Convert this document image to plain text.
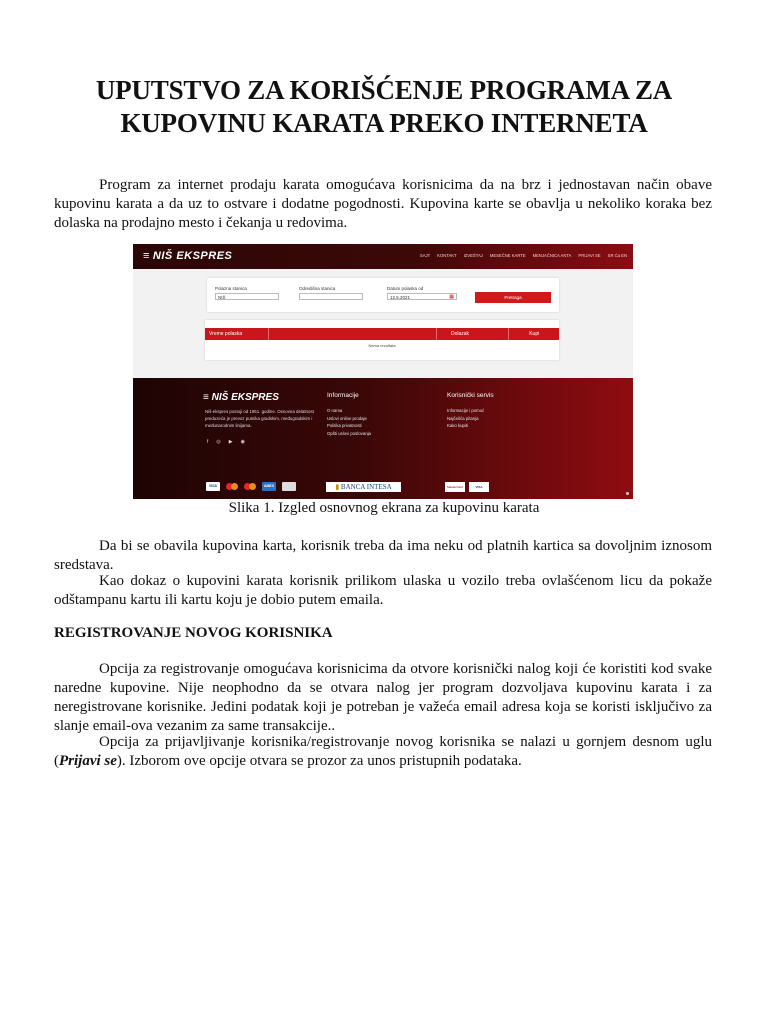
UPUTSTVO ZA KORIŠĆENJE PROGRAMA ZA
KUPOVINU KARATA PREKO INTERNETA

Program za internet prodaju karata omogućava korisnicima da na brz i jednostavan način obave kupovinu karata a da uz to ostvare i dodatne pogodnosti. Kupovina karte se obavlja u nekoliko koraka bez dolaska na prodajno mesto i čekanja u redovima.

≡ NIŠ EKSPRES	SAJT KONTAKT IZVEŠTAJ MESEČNE KARTE MENJAČNICA ANTA PRIJAVI SE SR Ćа EN
Polazna stanica
NIŠ
Odredišna stanica	Datum polaska od
12.5.2021	▦	Pretraga
Vreme polaska	Dolazak	Kupi
Nema rezultata
≡ NIŠ EKSPRES
Niš-ekspres postoji od 1951. godine. Osnovna delatnost preduzeća je prevoz putnika gradskim, međugradskim i međunarodnim linijama.
f ◎ ▶ ◉
Informacije
O nama
Uslovi online prodaje
Politika privatnosti
Opšti uslovi poslovanja
Korisnički servis
Informacije i pomoć
Najčešća pitanja
Kako kupiti
VISA	AMEX	▮ BANCA INTESA	MasterCard	VISA

Slika 1. Izgled osnovnog ekrana za kupovinu karata

Da bi se obavila kupovina karta, korisnik treba da ima neku od platnih kartica sa dovoljnim iznosom sredstava.

Kao dokaz o kupovini karata korisnik prilikom ulaska u vozilo treba ovlašćenom licu da pokaže odštampanu kartu ili kartu koju je dobio putem emaila.

REGISTROVANJE NOVOG KORISNIKA

Opcija za registrovanje omogućava korisnicima da otvore korisnički nalog koji će koristiti kod svake naredne kupovine. Nije neophodno da se otvara nalog jer program dozvoljava kupovinu karata i za neregistrovane korisnike. Jedini podatak koji je potreban je važeća email adresa koja se koristi isključivo za slanje email-ova vezanim za same transakcije..

Opcija za prijavljivanje korisnika/registrovanje novog korisnika se nalazi u gornjem desnom uglu (Prijavi se). Izborom ove opcije otvara se prozor za unos pristupnih podataka.
